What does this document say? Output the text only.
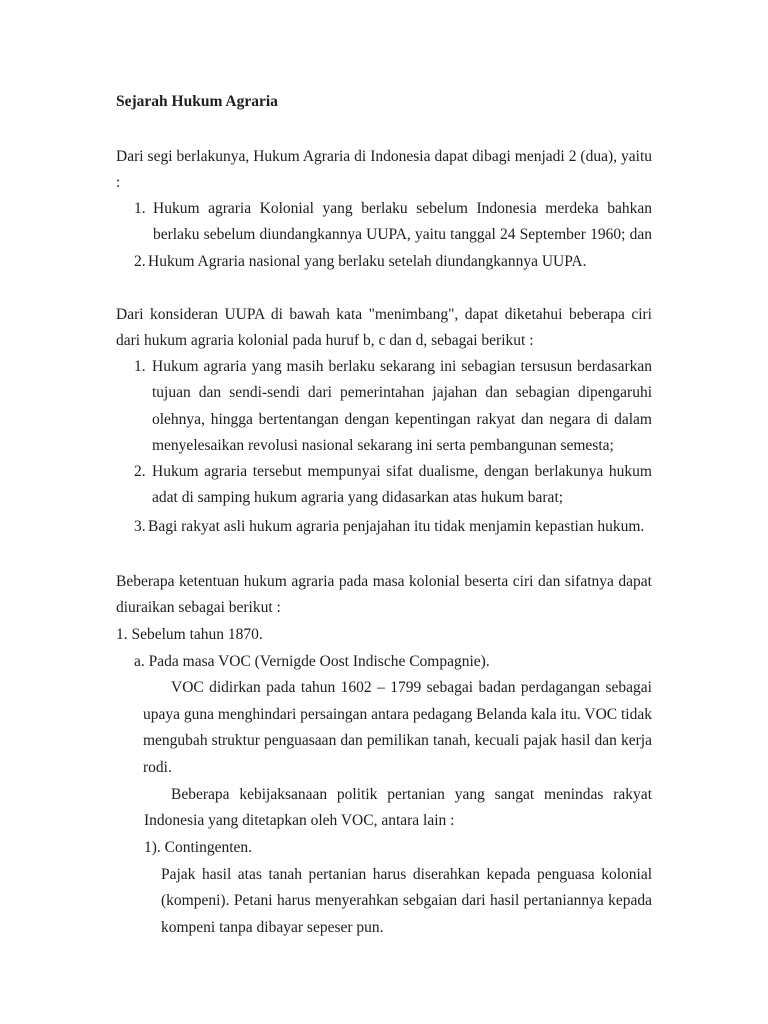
Sejarah Hukum Agraria
Dari segi berlakunya, Hukum Agraria di Indonesia dapat dibagi menjadi 2 (dua), yaitu
:
1. Hukum agraria Kolonial yang berlaku sebelum Indonesia merdeka bahkan
berlaku sebelum diundangkannya UUPA, yaitu tanggal 24 September 1960; dan
2. Hukum Agraria nasional yang berlaku setelah diundangkannya UUPA.
Dari konsideran UUPA di bawah kata "menimbang", dapat diketahui beberapa ciri
dari hukum agraria kolonial pada huruf b, c dan d, sebagai berikut :
1. Hukum agraria yang masih berlaku sekarang ini sebagian tersusun berdasarkan
tujuan dan sendi-sendi dari pemerintahan jajahan dan sebagian dipengaruhi
olehnya, hingga bertentangan dengan kepentingan rakyat dan negara di dalam
menyelesaikan revolusi nasional sekarang ini serta pembangunan semesta;
2. Hukum agraria tersebut mempunyai sifat dualisme, dengan berlakunya hukum
adat di samping hukum agraria yang didasarkan atas hukum barat;
3. Bagi rakyat asli hukum agraria penjajahan itu tidak menjamin kepastian hukum.
Beberapa ketentuan hukum agraria pada masa kolonial beserta ciri dan sifatnya dapat
diuraikan sebagai berikut :
1. Sebelum tahun 1870.
a. Pada masa VOC (Vernigde Oost Indische Compagnie).
VOC didirkan pada tahun 1602 – 1799 sebagai badan perdagangan sebagai
upaya guna menghindari persaingan antara pedagang Belanda kala itu. VOC tidak
mengubah struktur penguasaan dan pemilikan tanah, kecuali pajak hasil dan kerja
rodi.
Beberapa kebijaksanaan politik pertanian yang sangat menindas rakyat
Indonesia yang ditetapkan oleh VOC, antara lain :
1). Contingenten.
Pajak hasil atas tanah pertanian harus diserahkan kepada penguasa kolonial
(kompeni). Petani harus menyerahkan sebgaian dari hasil pertaniannya kepada
kompeni tanpa dibayar sepeser pun.
